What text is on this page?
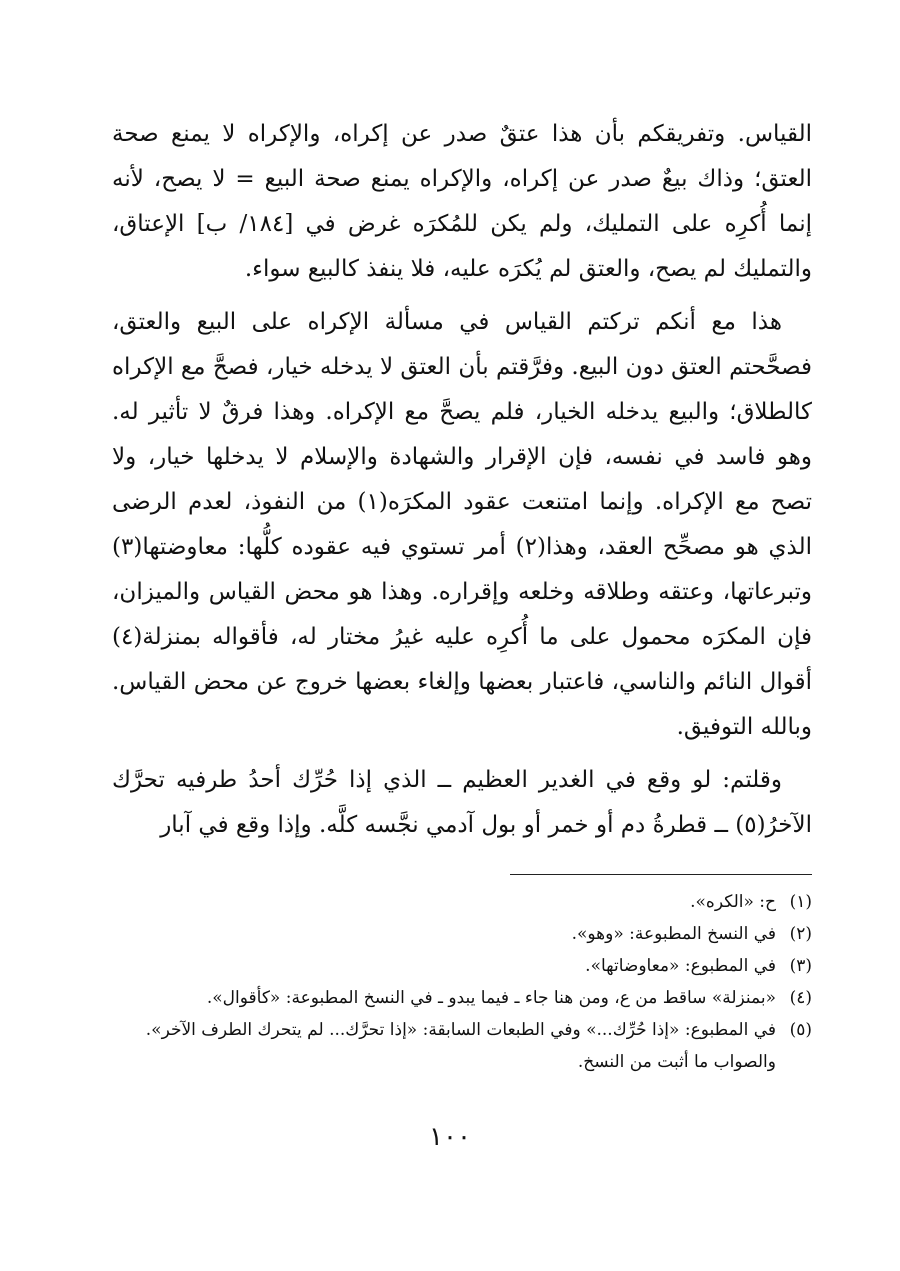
القياس. وتفريقكم بأن هذا عتقٌ صدر عن إكراه، والإكراه لا يمنع صحة العتق؛ وذاك بيعٌ صدر عن إكراه، والإكراه يمنع صحة البيع = لا يصح، لأنه إنما أُكرِه على التمليك، ولم يكن للمُكرَه غرض في [١٨٤/ ب] الإعتاق، والتمليك لم يصح، والعتق لم يُكرَه عليه، فلا ينفذ كالبيع سواء.

هذا مع أنكم تركتم القياس في مسألة الإكراه على البيع والعتق، فصحَّحتم العتق دون البيع. وفرَّقتم بأن العتق لا يدخله خيار، فصحَّ مع الإكراه كالطلاق؛ والبيع يدخله الخيار، فلم يصحَّ مع الإكراه. وهذا فرقٌ لا تأثير له. وهو فاسد في نفسه، فإن الإقرار والشهادة والإسلام لا يدخلها خيار، ولا تصح مع الإكراه. وإنما امتنعت عقود المكرَه(١) من النفوذ، لعدم الرضى الذي هو مصحِّح العقد، وهذا(٢) أمر تستوي فيه عقوده كلُّها: معاوضتها(٣) وتبرعاتها، وعتقه وطلاقه وخلعه وإقراره. وهذا هو محض القياس والميزان، فإن المكرَه محمول على ما أُكرِه عليه غيرُ مختار له، فأقواله بمنزلة(٤) أقوال النائم والناسي، فاعتبار بعضها وإلغاء بعضها خروج عن محض القياس. وبالله التوفيق.

وقلتم: لو وقع في الغدير العظيم ــ الذي إذا حُرِّك أحدُ طرفيه تحرَّك الآخرُ(٥) ــ قطرةُ دم أو خمر أو بول آدمي نجَّسه كلَّه. وإذا وقع في آبار

(١)
ح: «الكره».
(٢)
في النسخ المطبوعة: «وهو».
(٣)
في المطبوع: «معاوضاتها».
(٤)
«بمنزلة» ساقط من ع، ومن هنا جاء ـ فيما يبدو ـ في النسخ المطبوعة: «كأقوال».
(٥)
في المطبوع: «إذا حُرِّك...» وفي الطبعات السابقة: «إذا تحرَّك... لم يتحرك الطرف الآخر». والصواب ما أثبت من النسخ.
١٠٠
